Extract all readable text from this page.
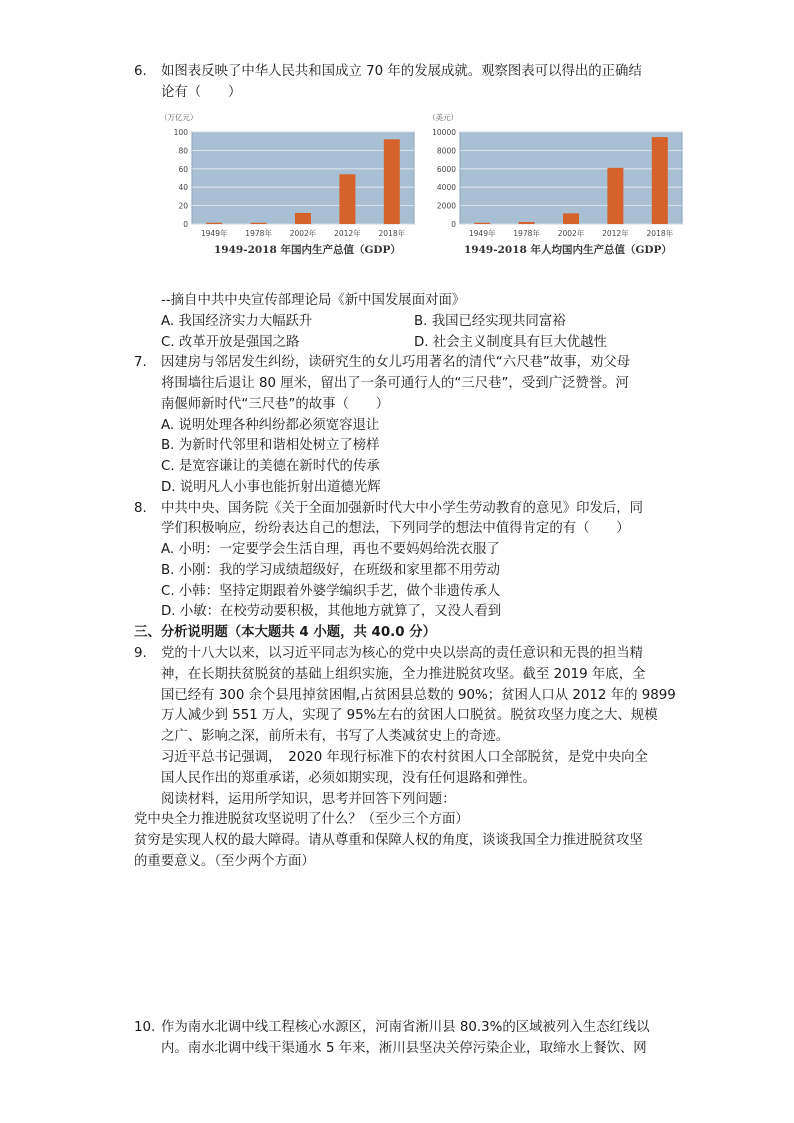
6. 如图表反映了中华人民共和国成立 70 年的发展成就。观察图表可以得出的正确结
论有（　　）
（万亿元）
0
20
40
60
80
100
1949年 1978年 2002年 2012年 2018年
1949-2018 年国内生产总值（GDP）
（美元）
0
2000
4000
6000
8000
10000
1949年 1978年 2002年 2012年 2018年
1949-2018 年人均国内生产总值（GDP）
--摘自中共中央宣传部理论局《新中国发展面对面》
A. 我国经济实力大幅跃升	B. 我国已经实现共同富裕
C. 改革开放是强国之路	D. 社会主义制度具有巨大优越性
7. 因建房与邻居发生纠纷，读研究生的女儿巧用著名的清代“六尺巷”故事，劝父母
将围墙往后退让 80 厘米，留出了一条可通行人的“三尺巷”，受到广泛赞誉。河
南偃师新时代“三尺巷”的故事（　　）
A. 说明处理各种纠纷都必须宽容退让
B. 为新时代邻里和谐相处树立了榜样
C. 是宽容谦让的美德在新时代的传承
D. 说明凡人小事也能折射出道德光辉
8. 中共中央、国务院《关于全面加强新时代大中小学生劳动教育的意见》印发后，同
学们积极响应，纷纷表达自己的想法，下列同学的想法中值得肯定的有（　　）
A. 小明：一定要学会生活自理，再也不要妈妈给洗衣服了
B. 小刚：我的学习成绩超级好，在班级和家里都不用劳动
C. 小韩：坚持定期跟着外婆学编织手艺，做个非遗传承人
D. 小敏：在校劳动要积极，其他地方就算了，又没人看到
三、分析说明题（本大题共 4 小题，共 40.0 分）
9. 党的十八大以来，以习近平同志为核心的党中央以崇高的责任意识和无畏的担当精
神，在长期扶贫脱贫的基础上组织实施，全力推进脱贫攻坚。截至 2019 年底，全
国已经有 300 余个县甩掉贫困帽,占贫困县总数的 90%；贫困人口从 2012 年的 9899
万人减少到 551 万人，实现了 95%左右的贫困人口脱贫。脱贫攻坚力度之大、规模
之广、影响之深，前所未有，书写了人类减贫史上的奇迹。
习近平总书记强调，　2020 年现行标准下的农村贫困人口全部脱贫，是党中央向全
国人民作出的郑重承诺，必须如期实现，没有任何退路和弹性。
阅读材料，运用所学知识，思考并回答下列问题：
党中央全力推进脱贫攻坚说明了什么？（至少三个方面）
贫穷是实现人权的最大障碍。请从尊重和保障人权的角度，谈谈我国全力推进脱贫攻坚
的重要意义。（至少两个方面）
10. 作为南水北调中线工程核心水源区，河南省淅川县 80.3%的区域被列入生态红线以
内。南水北调中线干渠通水 5 年来，淅川县坚决关停污染企业，取缔水上餐饮、网
